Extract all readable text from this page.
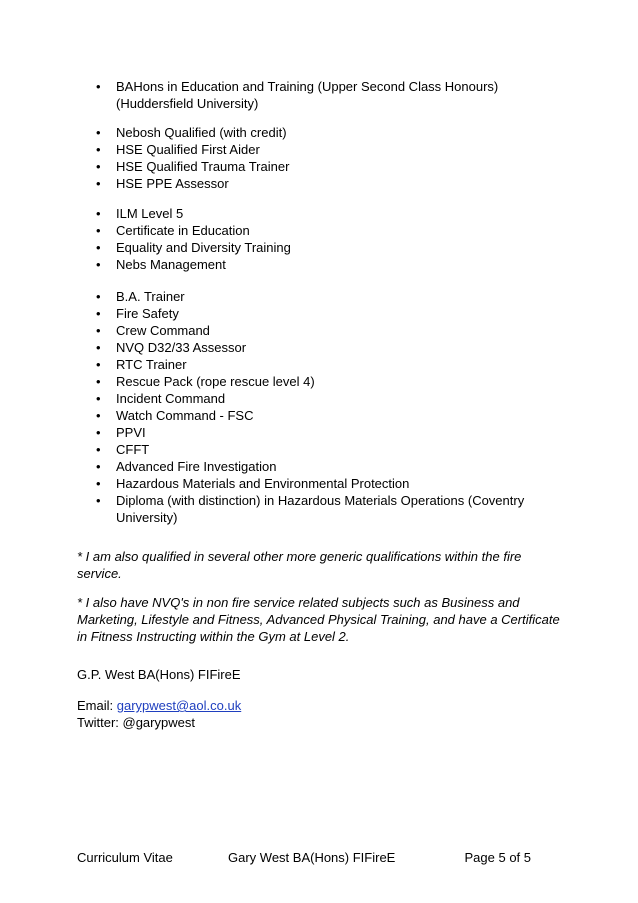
• BAHons in Education and Training (Upper Second Class Honours) (Huddersfield University)
• Nebosh Qualified (with credit)
• HSE Qualified First Aider
• HSE Qualified Trauma Trainer
• HSE PPE Assessor
• ILM Level 5
• Certificate in Education
• Equality and Diversity Training
• Nebs Management
• B.A. Trainer
• Fire Safety
• Crew Command
• NVQ D32/33 Assessor
• RTC Trainer
• Rescue Pack (rope rescue level 4)
• Incident Command
• Watch Command - FSC
• PPVI
• CFFT
• Advanced Fire Investigation
• Hazardous Materials and Environmental Protection
• Diploma (with distinction) in Hazardous Materials Operations (Coventry University)

* I am also qualified in several other more generic qualifications within the fire service.

* I also have NVQ's in non fire service related subjects such as Business and Marketing, Lifestyle and Fitness, Advanced Physical Training, and have a Certificate in Fitness Instructing within the Gym at Level 2.

G.P. West BA(Hons) FIFireE
Email: garypwest@aol.co.uk
Twitter: @garypwest
Curriculum Vitae	Gary West BA(Hons) FIFireE	Page 5 of 5
